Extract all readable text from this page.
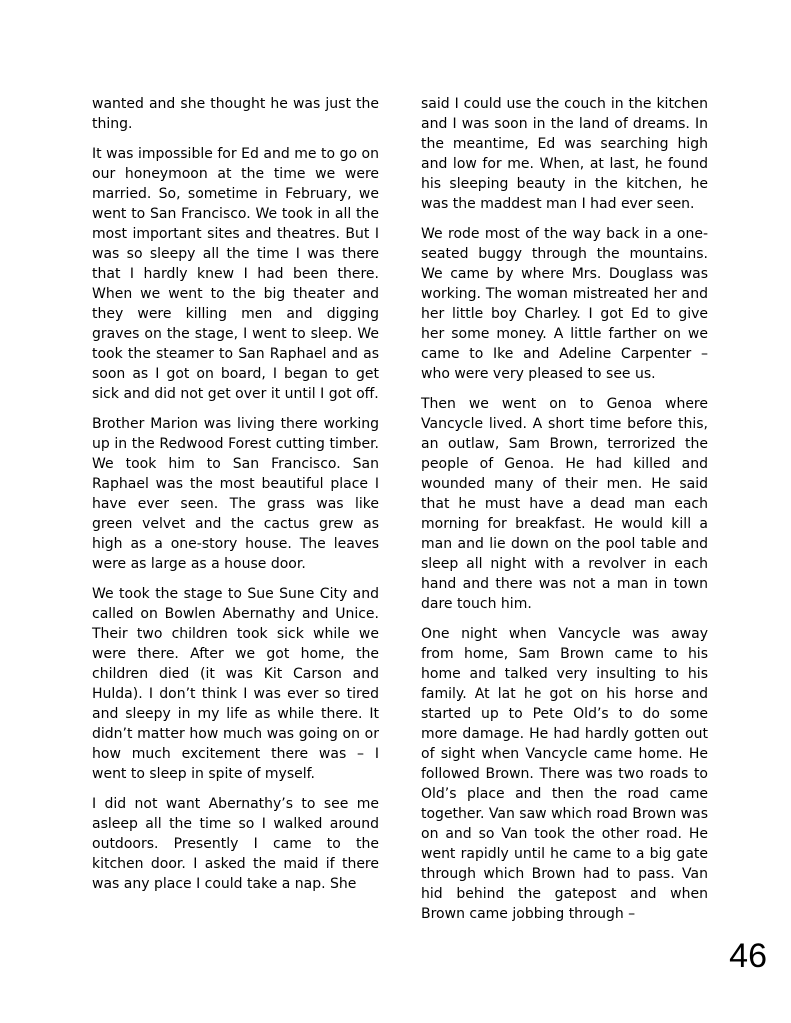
wanted and she thought he was just the thing.

It was impossible for Ed and me to go on our honeymoon at the time we were married. So, sometime in February, we went to San Francisco. We took in all the most important sites and theatres. But I was so sleepy all the time I was there that I hardly knew I had been there. When we went to the big theater and they were killing men and digging graves on the stage, I went to sleep. We took the steamer to San Raphael and as soon as I got on board, I began to get sick and did not get over it until I got off.

Brother Marion was living there working up in the Redwood Forest cutting timber. We took him to San Francisco. San Raphael was the most beautiful place I have ever seen. The grass was like green velvet and the cactus grew as high as a one-story house. The leaves were as large as a house door.

We took the stage to Sue Sune City and called on Bowlen Abernathy and Unice. Their two children took sick while we were there. After we got home, the children died (it was Kit Carson and Hulda). I don’t think I was ever so tired and sleepy in my life as while there. It didn’t matter how much was going on or how much excitement there was – I went to sleep in spite of myself.

I did not want Abernathy’s to see me asleep all the time so I walked around outdoors. Presently I came to the kitchen door. I asked the maid if there was any place I could take a nap. She

said I could use the couch in the kitchen and I was soon in the land of dreams. In the meantime, Ed was searching high and low for me. When, at last, he found his sleeping beauty in the kitchen, he was the maddest man I had ever seen.

We rode most of the way back in a one-seated buggy through the mountains. We came by where Mrs. Douglass was working. The woman mistreated her and her little boy Charley. I got Ed to give her some money. A little farther on we came to Ike and Adeline Carpenter – who were very pleased to see us.

Then we went on to Genoa where Vancycle lived. A short time before this, an outlaw, Sam Brown, terrorized the people of Genoa. He had killed and wounded many of their men. He said that he must have a dead man each morning for breakfast. He would kill a man and lie down on the pool table and sleep all night with a revolver in each hand and there was not a man in town dare touch him.

One night when Vancycle was away from home, Sam Brown came to his home and talked very insulting to his family. At lat he got on his horse and started up to Pete Old’s to do some more damage. He had hardly gotten out of sight when Vancycle came home. He followed Brown. There was two roads to Old’s place and then the road came together. Van saw which road Brown was on and so Van took the other road. He went rapidly until he came to a big gate through which Brown had to pass. Van hid behind the gatepost and when Brown came jobbing through –

46
